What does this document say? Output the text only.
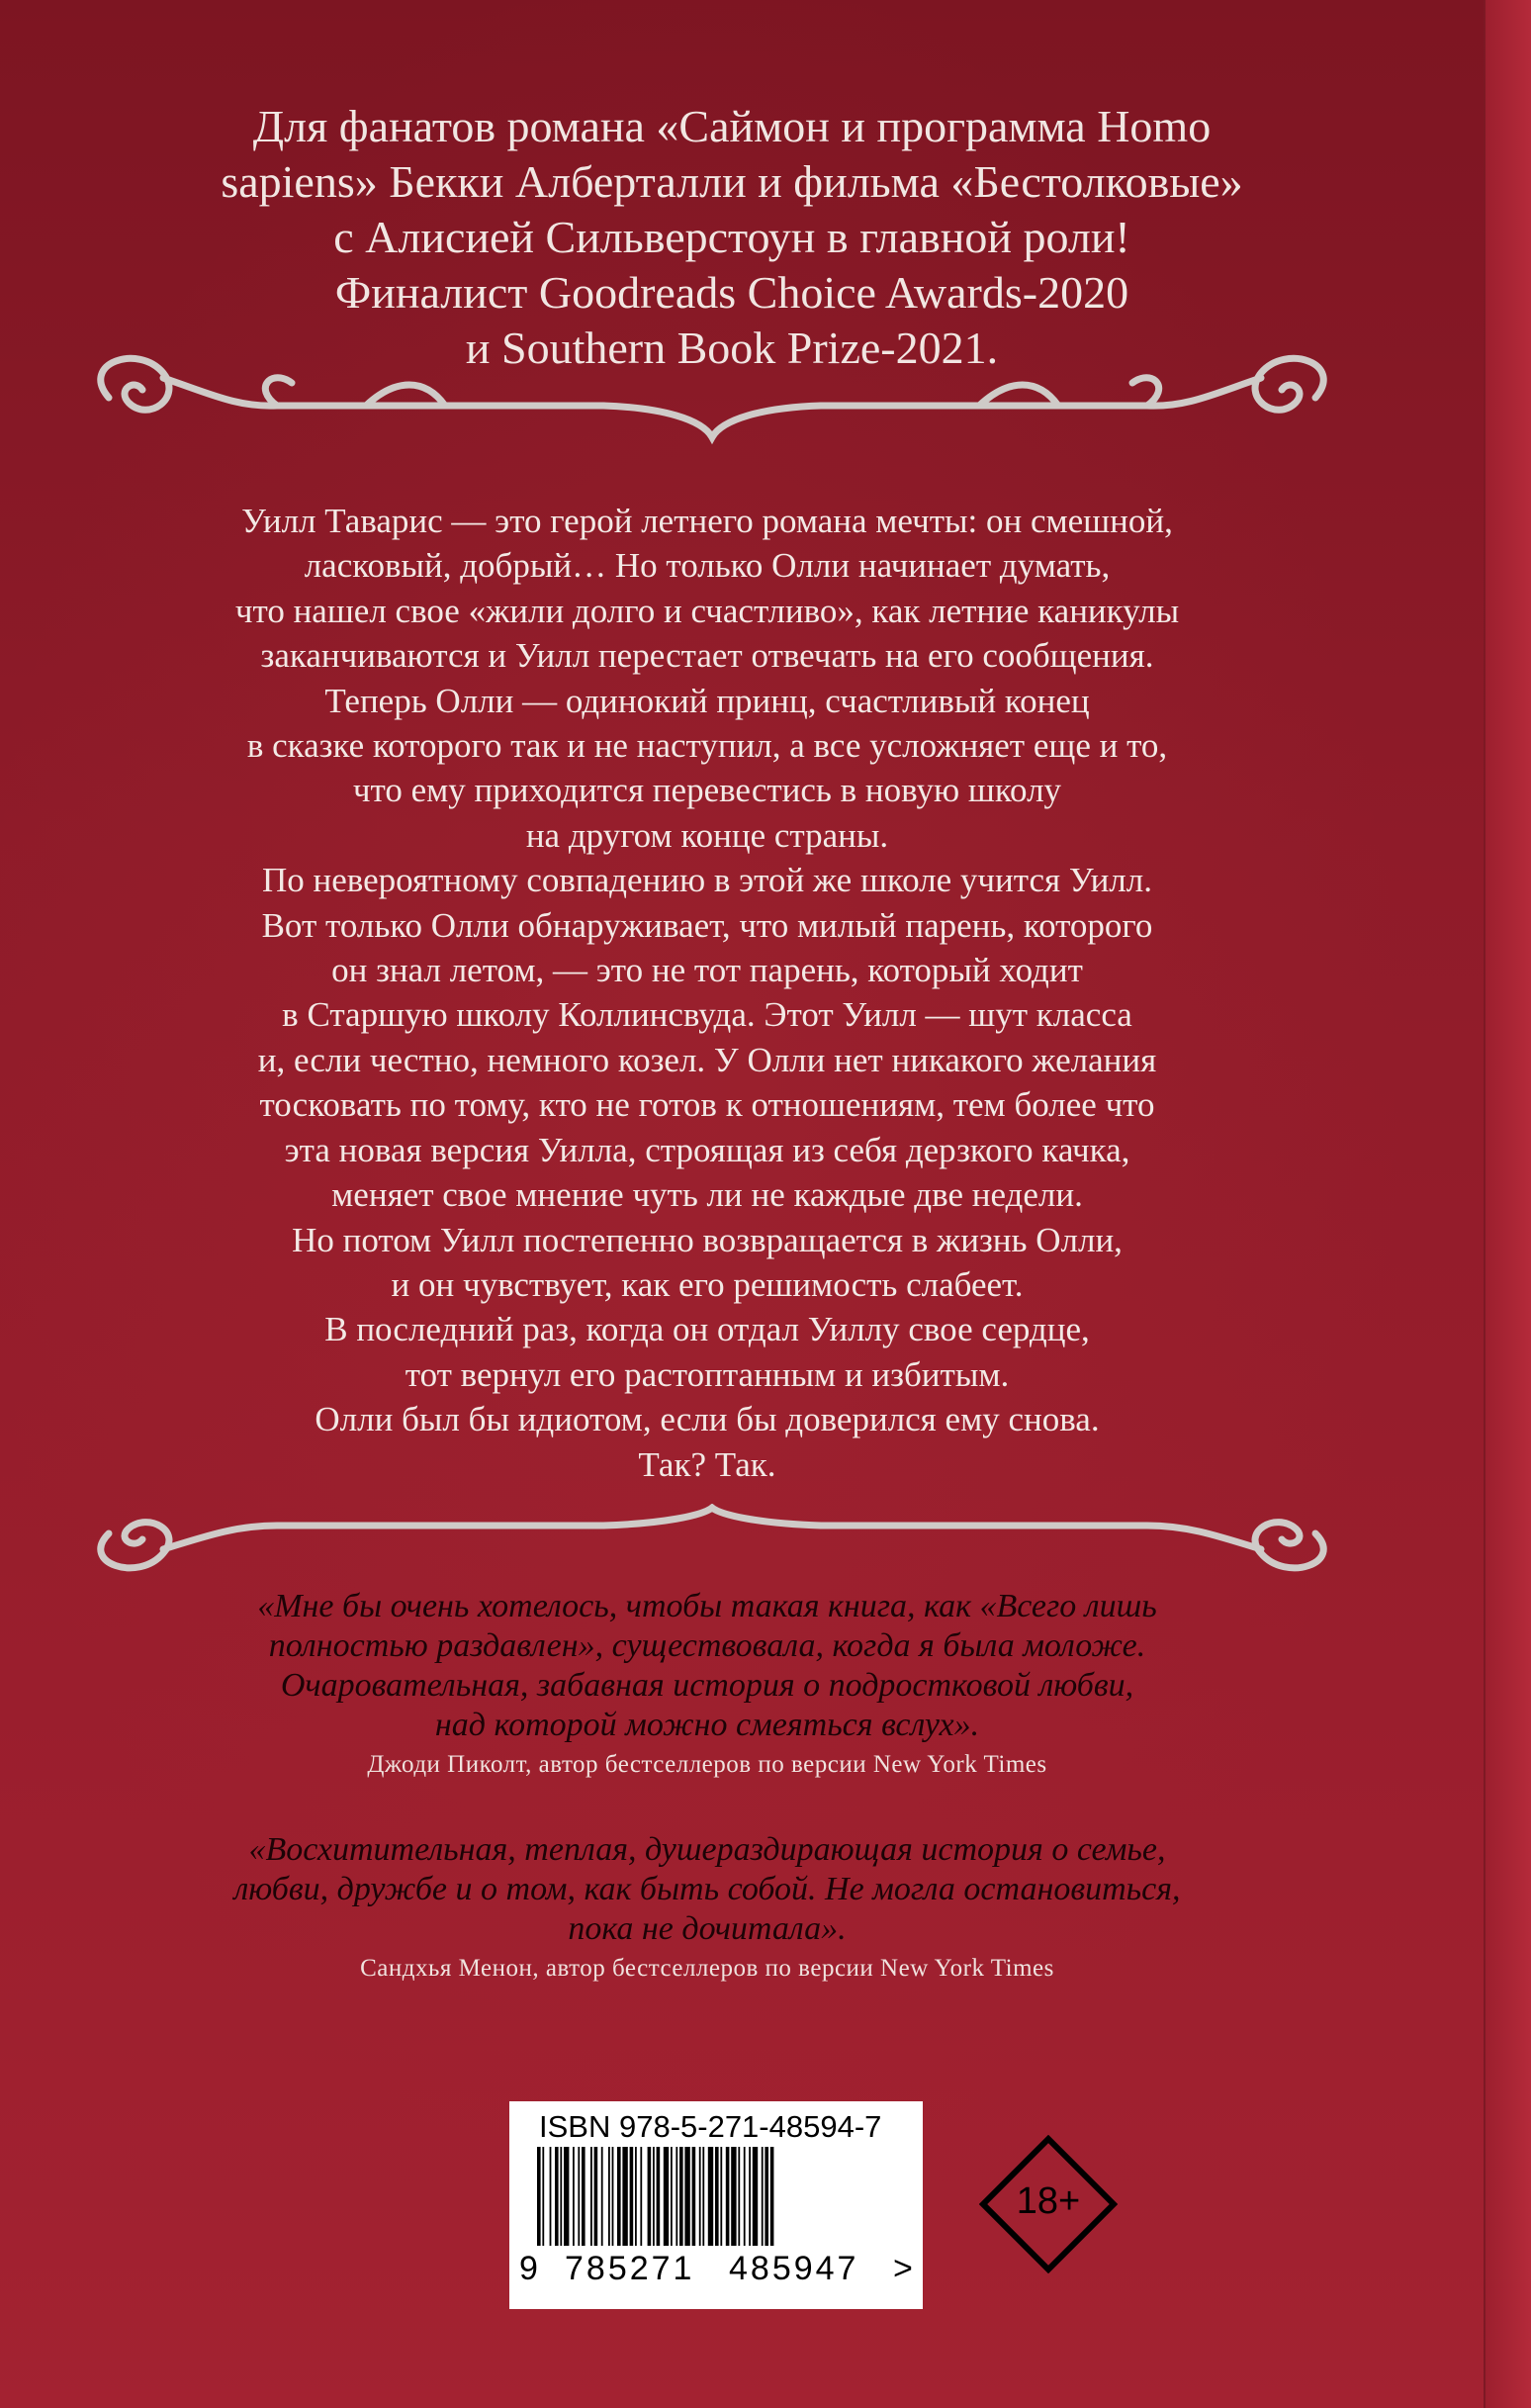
Для фанатов романа «Саймон и программа Homo
sapiens» Бекки Алберталли и фильма «Бестолковые»
с Алисией Сильверстоун в главной роли!
Финалист Goodreads Choice Awards-2020
и Southern Book Prize-2021.
Уилл Таварис — это герой летнего романа мечты: он смешной,
ласковый, добрый… Но только Олли начинает думать,
что нашел свое «жили долго и счастливо», как летние каникулы
заканчиваются и Уилл перестает отвечать на его сообщения.
Теперь Олли — одинокий принц, счастливый конец
в сказке которого так и не наступил, а все усложняет еще и то,
что ему приходится перевестись в новую школу
на другом конце страны.
По невероятному совпадению в этой же школе учится Уилл.
Вот только Олли обнаруживает, что милый парень, которого
он знал летом, — это не тот парень, который ходит
в Старшую школу Коллинсвуда. Этот Уилл — шут класса
и, если честно, немного козел. У Олли нет никакого желания
тосковать по тому, кто не готов к отношениям, тем более что
эта новая версия Уилла, строящая из себя дерзкого качка,
меняет свое мнение чуть ли не каждые две недели.
Но потом Уилл постепенно возвращается в жизнь Олли,
и он чувствует, как его решимость слабеет.
В последний раз, когда он отдал Уиллу свое сердце,
тот вернул его растоптанным и избитым.
Олли был бы идиотом, если бы доверился ему снова.
Так? Так.
«Мне бы очень хотелось, чтобы такая книга, как «Всего лишь
полностью раздавлен», существовала, когда я была моложе.
Очаровательная, забавная история о подростковой любви,
над которой можно смеяться вслух».
Джоди Пиколт, автор бестселлеров по версии New York Times
«Восхитительная, теплая, душераздирающая история о семье,
любви, дружбе и о том, как быть собой. Не могла остановиться,
пока не дочитала».
Сандхья Менон, автор бестселлеров по версии New York Times
ISBN 978-5-271-48594-7
9 785271 485947 >
18+
